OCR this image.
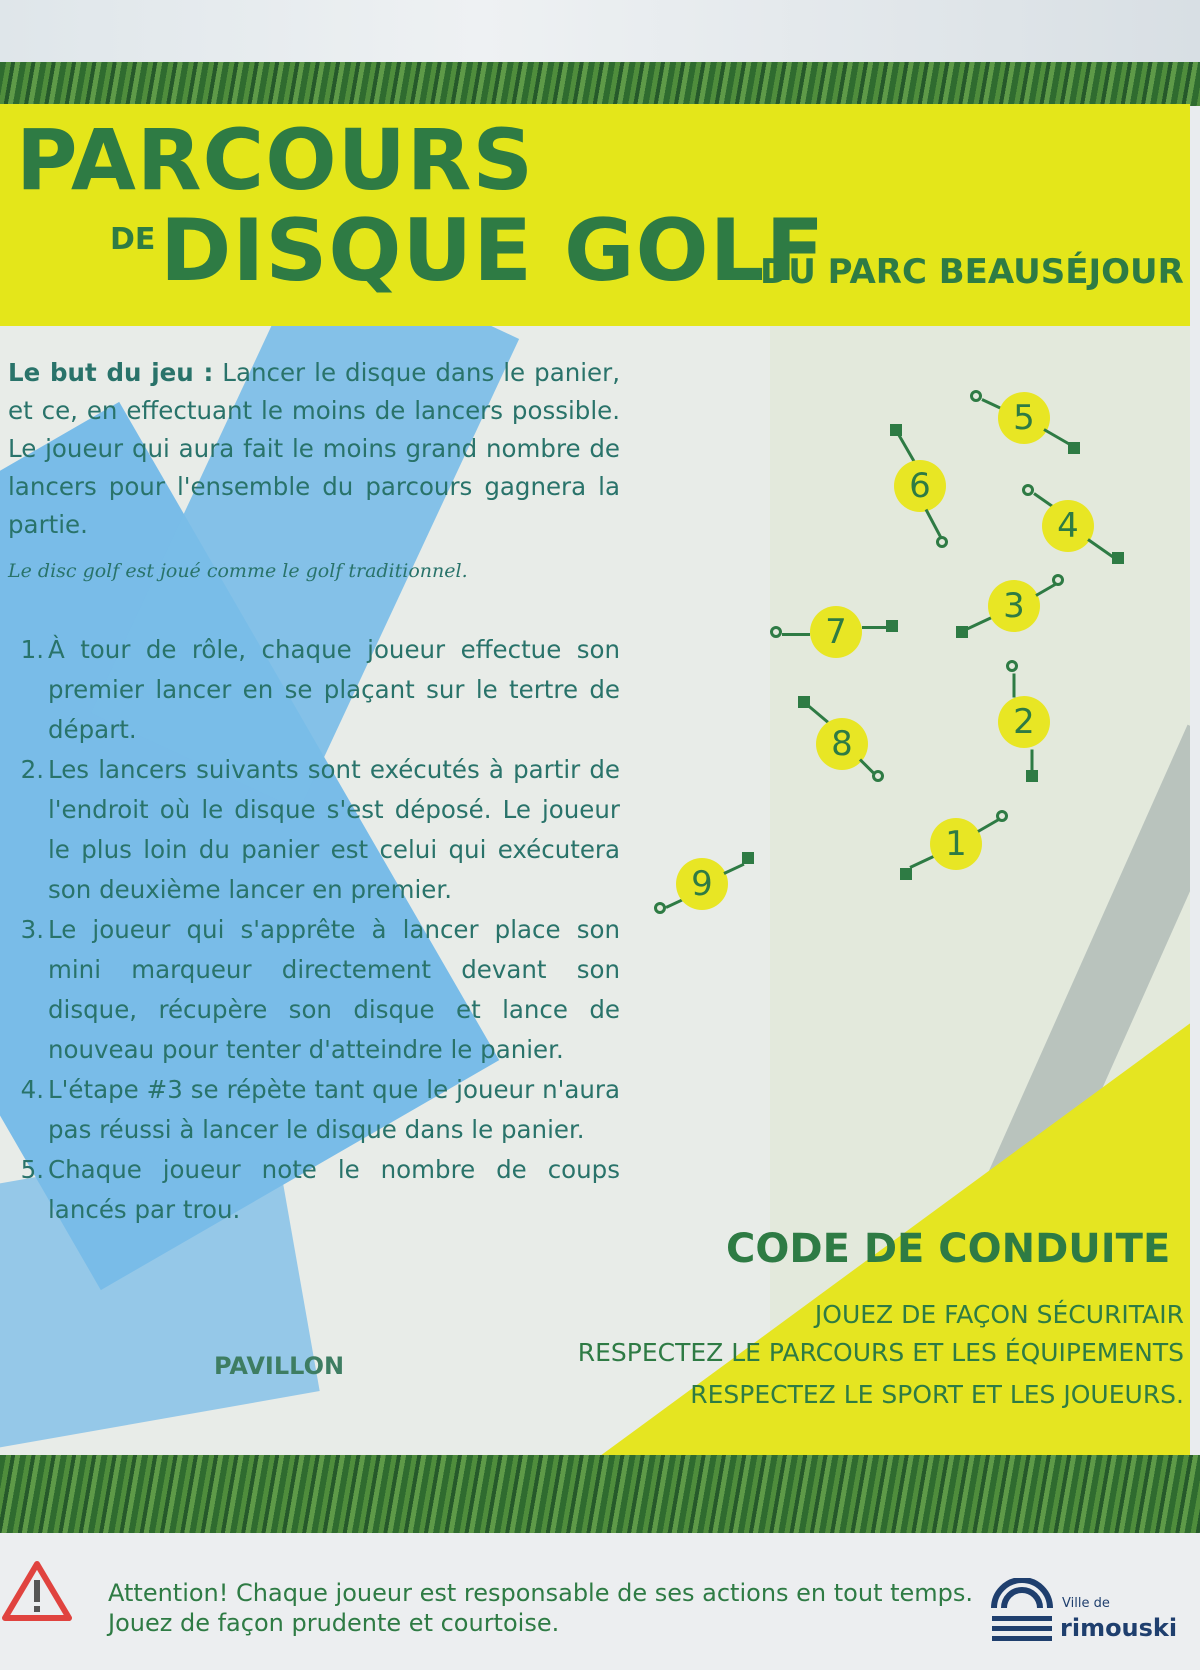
PARCOURS
DE DISQUE GOLF
DU PARC BEAUSÉJOUR

Le but du jeu : Lancer le disque dans le panier, et ce, en effectuant le moins de lancers possible. Le joueur qui aura fait le moins grand nombre de lancers pour l'ensemble du parcours gagnera la partie.

Le disc golf est joué comme le golf traditionnel.
1. À tour de rôle, chaque joueur effectue son premier lancer en se plaçant sur le tertre de départ.
2. Les lancers suivants sont exécutés à partir de l'endroit où le disque s'est déposé. Le joueur le plus loin du panier est celui qui exécutera son deuxième lancer en premier.
3. Le joueur qui s'apprête à lancer place son mini marqueur directement devant son disque, récupère son disque et lance de nouveau pour tenter d'atteindre le panier.
4. L'étape #3 se répète tant que le joueur n'aura pas réussi à lancer le disque dans le panier.
5. Chaque joueur note le nombre de coups lancés par trou.
PAVILLON
5
6
4
3
7
2
8
1
9
CODE DE CONDUITE
JOUEZ DE FAÇON SÉCURITAIR
RESPECTEZ LE PARCOURS ET LES ÉQUIPEMENTS
RESPECTEZ LE SPORT ET LES JOUEURS.
Attention! Chaque joueur est responsable de ses actions en tout temps.
Jouez de façon prudente et courtoise.
Ville de
rimouski
